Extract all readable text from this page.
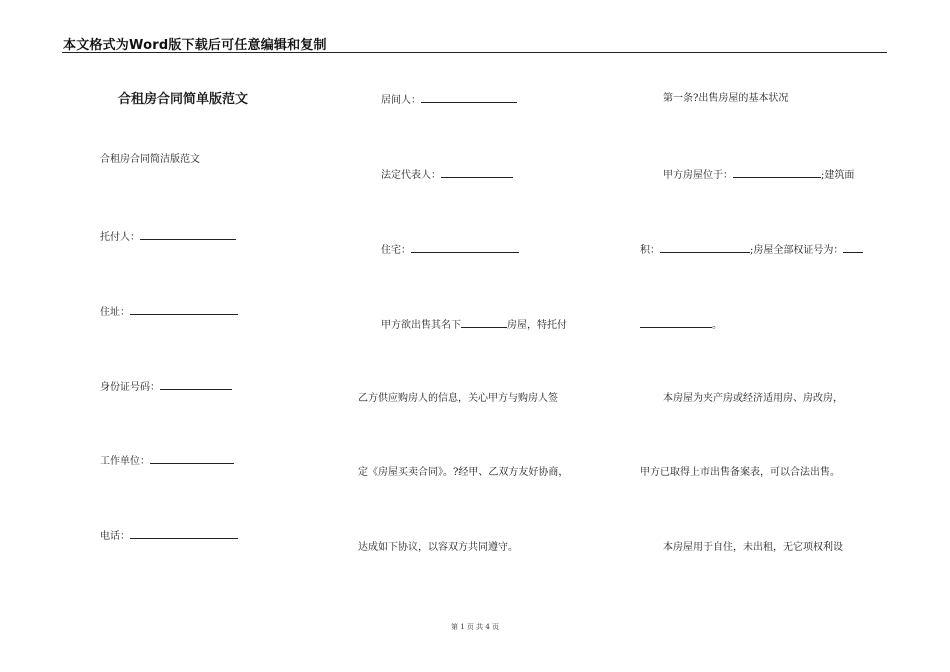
本文格式为Word版下载后可任意编辑和复制
合租房合同简单版范文
合租房合同简洁版范文
托付人：
住址：
身份证号码：
工作单位：
电话：
居间人：
法定代表人：
住宅：
甲方欲出售其名下	房屋，特托付
乙方供应购房人的信息，关心甲方与购房人签
定《房屋买卖合同》。?经甲、乙双方友好协商，
达成如下协议，以容双方共同遵守。
第一条?出售房屋的基本状况
甲方房屋位于：	;建筑面
积：	;房屋全部权证号为：
。
本房屋为夹产房或经济适用房、房改房，
甲方已取得上市出售备案表，可以合法出售。
本房屋用于自住，未出租，无它项权利设
第 1 页 共 4 页
